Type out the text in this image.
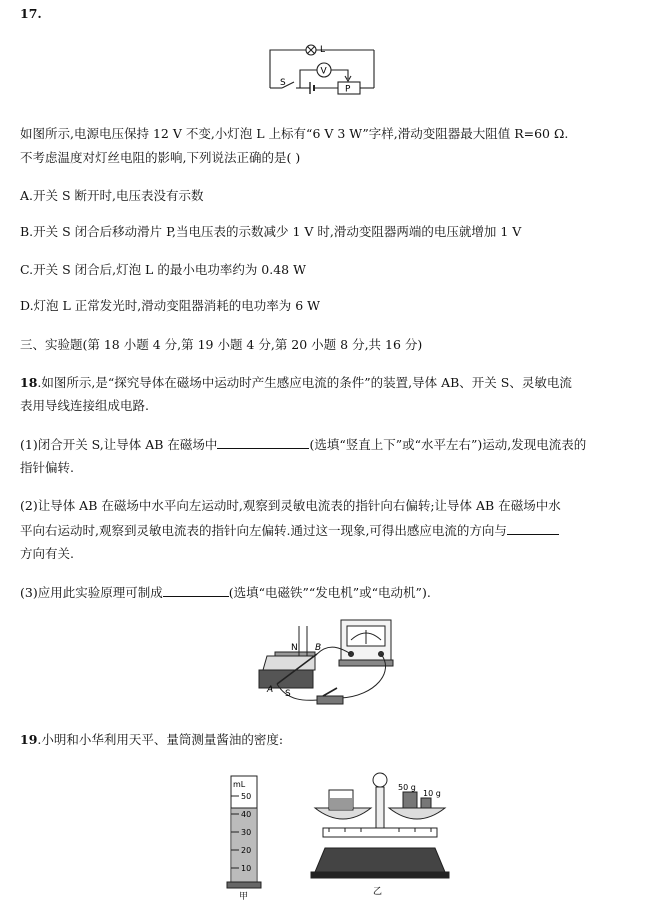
17.
L
V
S
P
如图所示,电源电压保持 12 V 不变,小灯泡 L 上标有“6 V 3 W”字样,滑动变阻器最大阻值 R=60 Ω.
不考虑温度对灯丝电阻的影响,下列说法正确的是( )
A.开关 S 断开时,电压表没有示数
B.开关 S 闭合后移动滑片 P,当电压表的示数减少 1 V 时,滑动变阻器两端的电压就增加 1 V
C.开关 S 闭合后,灯泡 L 的最小电功率约为 0.48 W
D.灯泡 L 正常发光时,滑动变阻器消耗的电功率为 6 W
三、实验题(第 18 小题 4 分,第 19 小题 4 分,第 20 小题 8 分,共 16 分)
18.如图所示,是“探究导体在磁场中运动时产生感应电流的条件”的装置,导体 AB、开关 S、灵敏电流
表用导线连接组成电路.
(1)闭合开关 S,让导体 AB 在磁场中	(选填“竖直上下”或“水平左右”)运动,发现电流表的
指针偏转.
(2)让导体 AB 在磁场中水平向左运动时,观察到灵敏电流表的指针向右偏转;让导体 AB 在磁场中水
平向右运动时,观察到灵敏电流表的指针向左偏转.通过这一现象,可得出感应电流的方向与
方向有关.
(3)应用此实验原理可制成	(选填“电磁铁”“发电机”或“电动机”).
N B
A S
19.小明和小华利用天平、量筒测量酱油的密度:
mL
50
40
30
20
10
甲
50 g
10 g
乙
